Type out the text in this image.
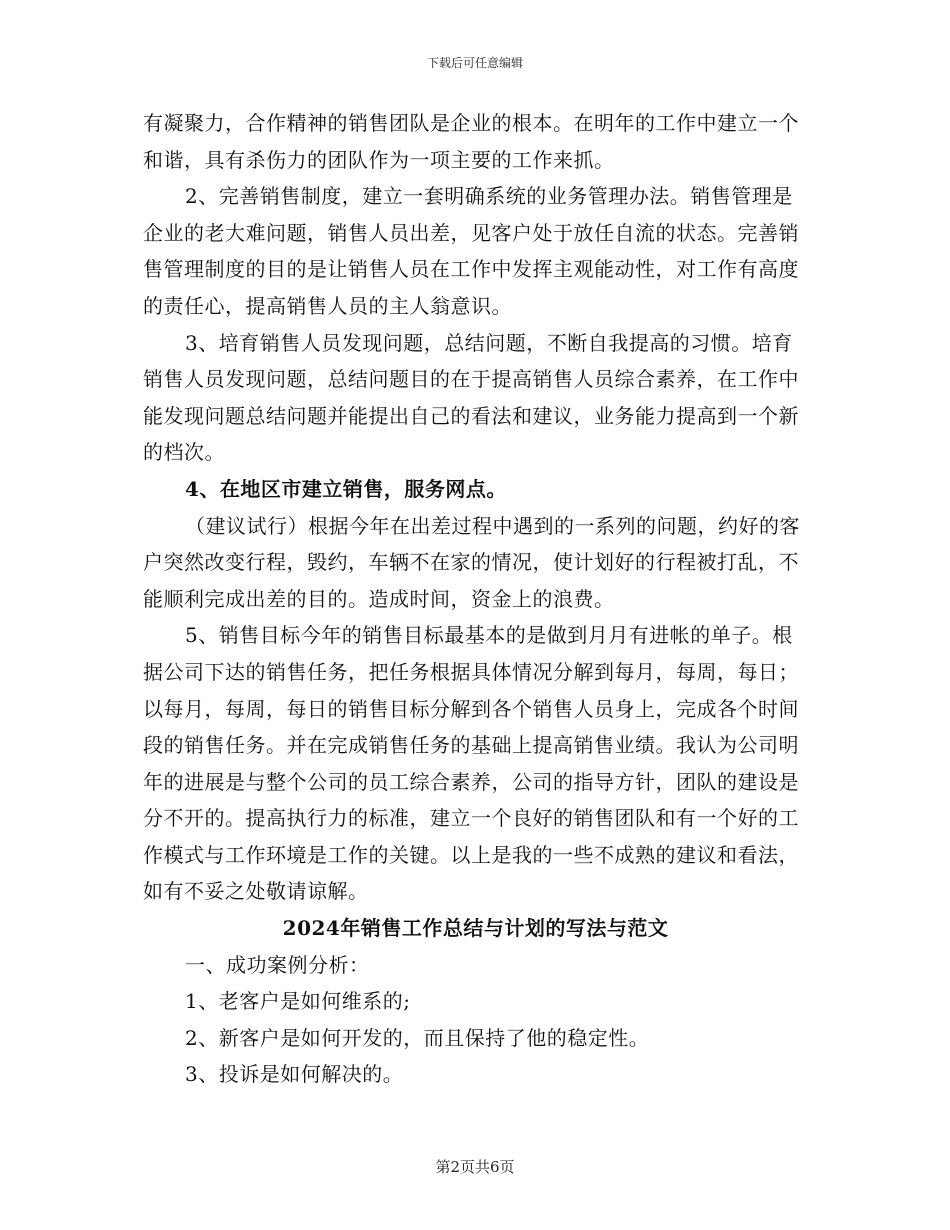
下载后可任意编辑

有凝聚力，合作精神的销售团队是企业的根本。在明年的工作中建立一个和谐，具有杀伤力的团队作为一项主要的工作来抓。

2、完善销售制度，建立一套明确系统的业务管理办法。销售管理是企业的老大难问题，销售人员出差，见客户处于放任自流的状态。完善销售管理制度的目的是让销售人员在工作中发挥主观能动性，对工作有高度的责任心，提高销售人员的主人翁意识。

3、培育销售人员发现问题，总结问题，不断自我提高的习惯。培育销售人员发现问题，总结问题目的在于提高销售人员综合素养，在工作中能发现问题总结问题并能提出自己的看法和建议，业务能力提高到一个新的档次。

4、在地区市建立销售，服务网点。

（建议试行）根据今年在出差过程中遇到的一系列的问题，约好的客户突然改变行程，毁约，车辆不在家的情况，使计划好的行程被打乱，不能顺利完成出差的目的。造成时间，资金上的浪费。

5、销售目标今年的销售目标最基本的是做到月月有进帐的单子。根据公司下达的销售任务，把任务根据具体情况分解到每月，每周，每日；以每月，每周，每日的销售目标分解到各个销售人员身上，完成各个时间段的销售任务。并在完成销售任务的基础上提高销售业绩。我认为公司明年的进展是与整个公司的员工综合素养，公司的指导方针，团队的建设是分不开的。提高执行力的标准，建立一个良好的销售团队和有一个好的工作模式与工作环境是工作的关键。以上是我的一些不成熟的建议和看法，如有不妥之处敬请谅解。

2024年销售工作总结与计划的写法与范文

一、成功案例分析：

1、老客户是如何维系的;

2、新客户是如何开发的，而且保持了他的稳定性。

3、投诉是如何解决的。

第2页共6页
